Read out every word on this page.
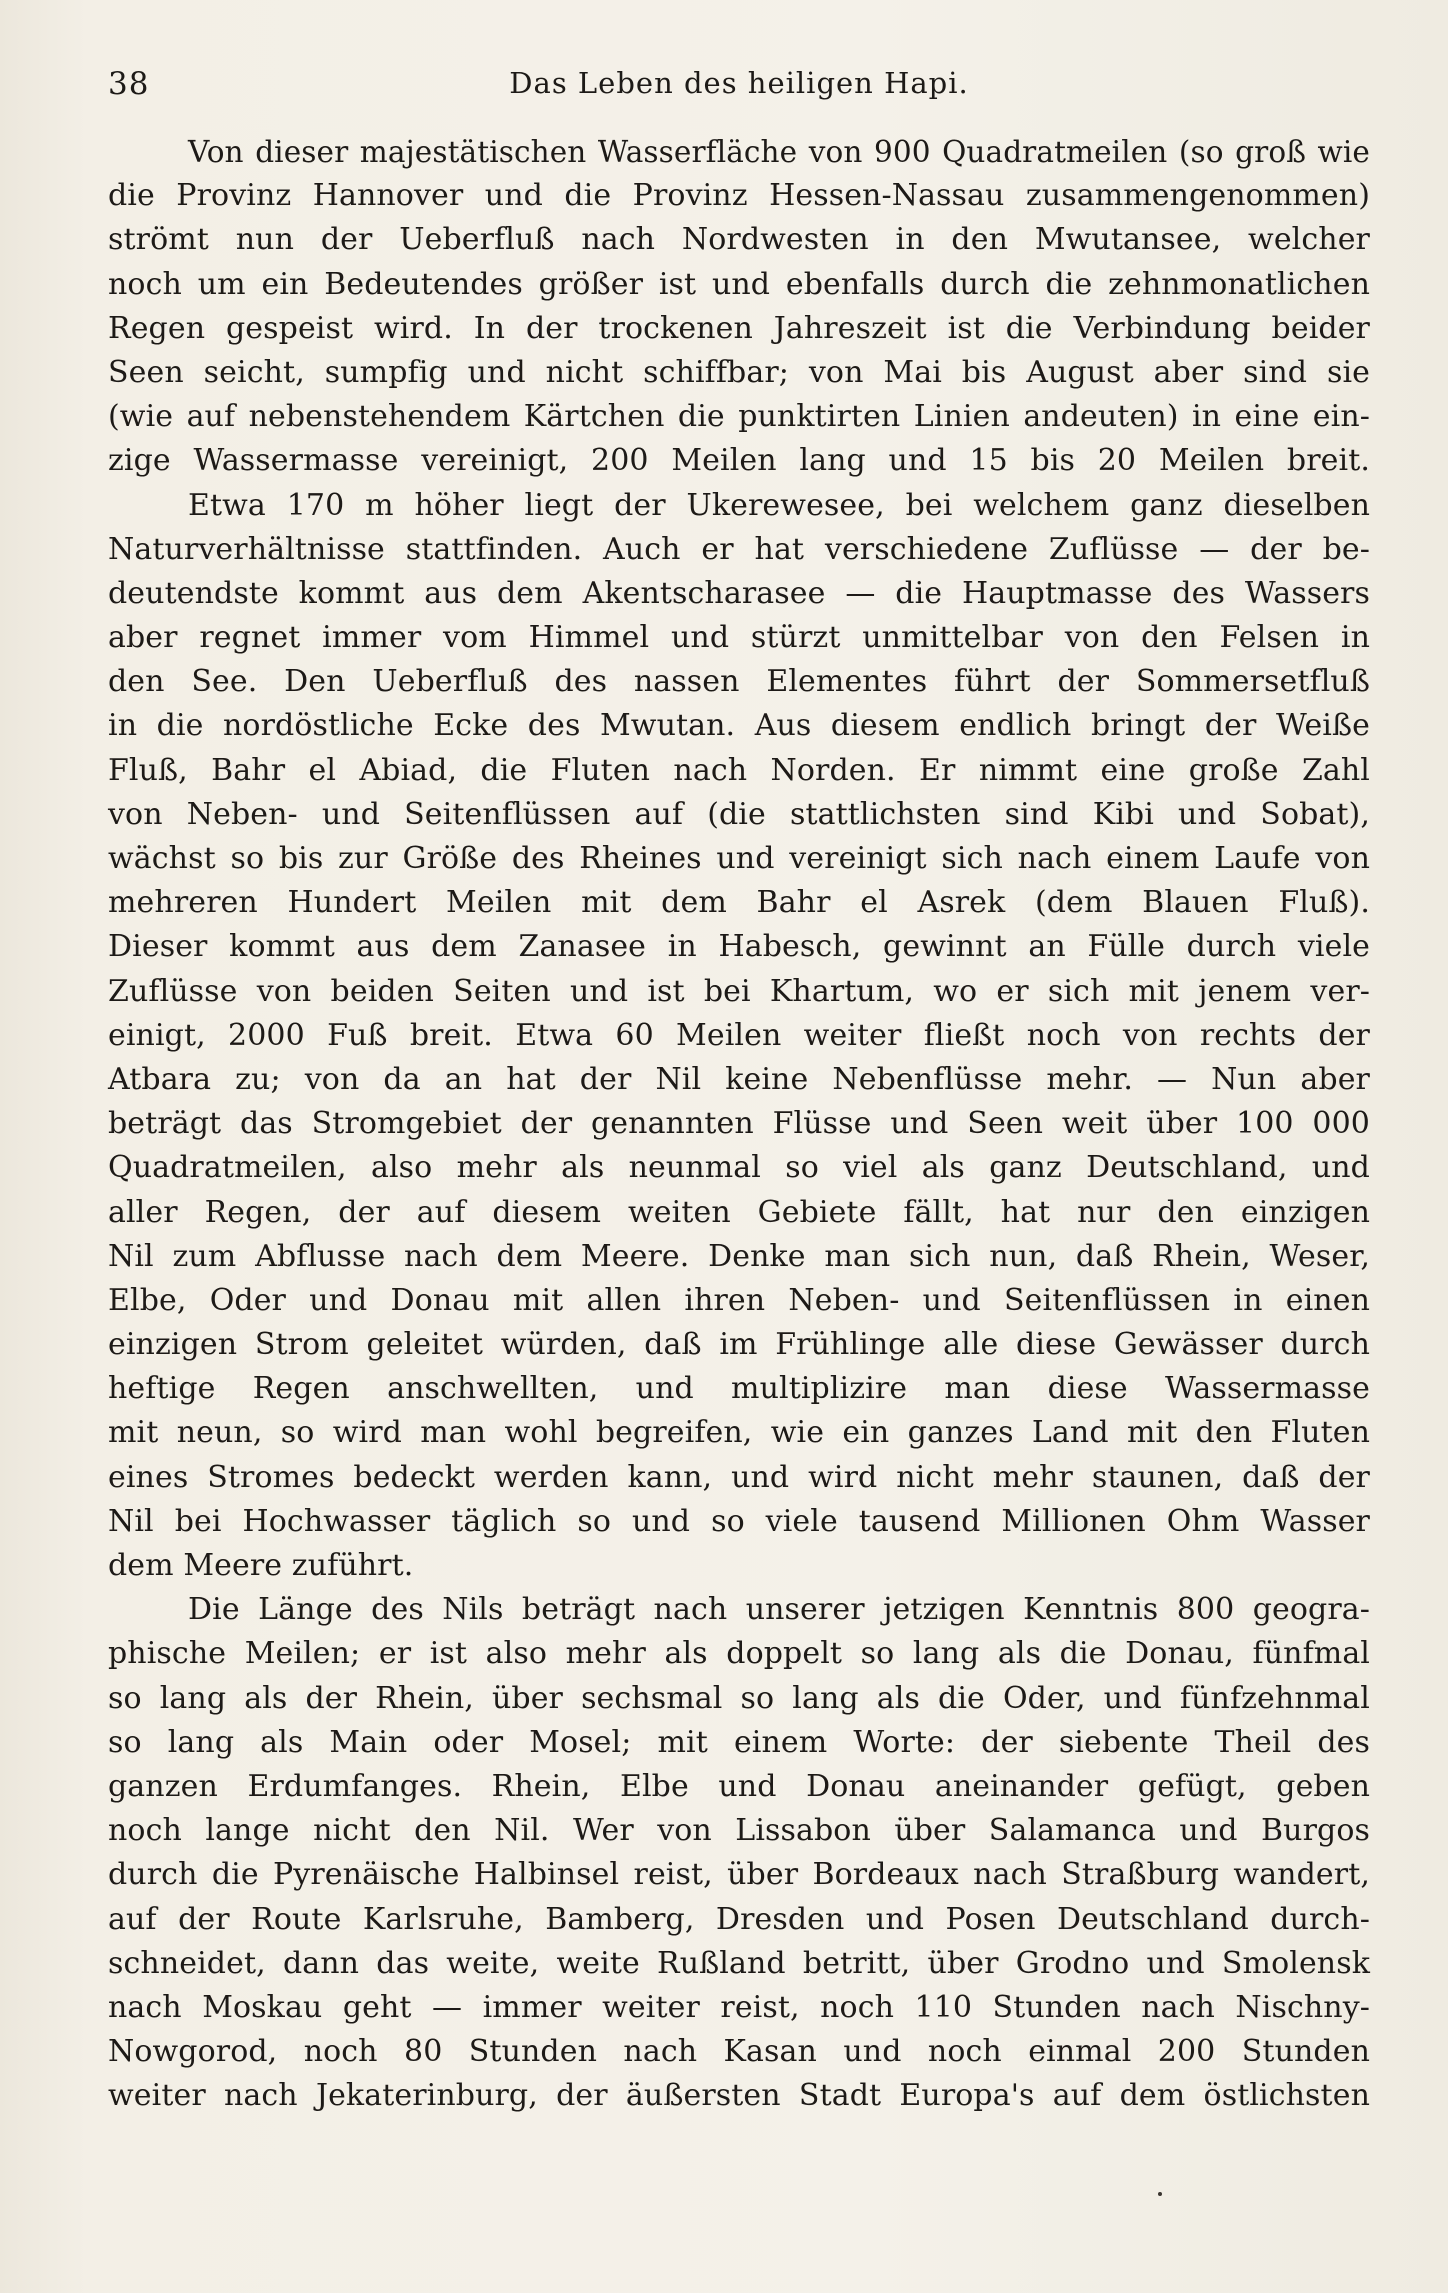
38	Das Leben des heiligen Hapi.
Von dieser majestätischen Wasserfläche von 900 Quadratmeilen (so groß wie
die Provinz Hannover und die Provinz Hessen-Nassau zusammengenommen)
strömt nun der Ueberfluß nach Nordwesten in den Mwutansee, welcher
noch um ein Bedeutendes größer ist und ebenfalls durch die zehnmonatlichen
Regen gespeist wird. In der trockenen Jahreszeit ist die Verbindung beider
Seen seicht, sumpfig und nicht schiffbar; von Mai bis August aber sind sie
(wie auf nebenstehendem Kärtchen die punktirten Linien andeuten) in eine ein-
zige Wassermasse vereinigt, 200 Meilen lang und 15 bis 20 Meilen breit.
Etwa 170 m höher liegt der Ukerewesee, bei welchem ganz dieselben
Naturverhältnisse stattfinden. Auch er hat verschiedene Zuflüsse — der be-
deutendste kommt aus dem Akentscharasee — die Hauptmasse des Wassers
aber regnet immer vom Himmel und stürzt unmittelbar von den Felsen in
den See. Den Ueberfluß des nassen Elementes führt der Sommersetfluß
in die nordöstliche Ecke des Mwutan. Aus diesem endlich bringt der Weiße
Fluß, Bahr el Abiad, die Fluten nach Norden. Er nimmt eine große Zahl
von Neben- und Seitenflüssen auf (die stattlichsten sind Kibi und Sobat),
wächst so bis zur Größe des Rheines und vereinigt sich nach einem Laufe von
mehreren Hundert Meilen mit dem Bahr el Asrek (dem Blauen Fluß).
Dieser kommt aus dem Zanasee in Habesch, gewinnt an Fülle durch viele
Zuflüsse von beiden Seiten und ist bei Khartum, wo er sich mit jenem ver-
einigt, 2000 Fuß breit. Etwa 60 Meilen weiter fließt noch von rechts der
Atbara zu; von da an hat der Nil keine Nebenflüsse mehr. — Nun aber
beträgt das Stromgebiet der genannten Flüsse und Seen weit über 100 000
Quadratmeilen, also mehr als neunmal so viel als ganz Deutschland, und
aller Regen, der auf diesem weiten Gebiete fällt, hat nur den einzigen
Nil zum Abflusse nach dem Meere. Denke man sich nun, daß Rhein, Weser,
Elbe, Oder und Donau mit allen ihren Neben- und Seitenflüssen in einen
einzigen Strom geleitet würden, daß im Frühlinge alle diese Gewässer durch
heftige Regen anschwellten, und multiplizire man diese Wassermasse
mit neun, so wird man wohl begreifen, wie ein ganzes Land mit den Fluten
eines Stromes bedeckt werden kann, und wird nicht mehr staunen, daß der
Nil bei Hochwasser täglich so und so viele tausend Millionen Ohm Wasser
dem Meere zuführt.
Die Länge des Nils beträgt nach unserer jetzigen Kenntnis 800 geogra-
phische Meilen; er ist also mehr als doppelt so lang als die Donau, fünfmal
so lang als der Rhein, über sechsmal so lang als die Oder, und fünfzehnmal
so lang als Main oder Mosel; mit einem Worte: der siebente Theil des
ganzen Erdumfanges. Rhein, Elbe und Donau aneinander gefügt, geben
noch lange nicht den Nil. Wer von Lissabon über Salamanca und Burgos
durch die Pyrenäische Halbinsel reist, über Bordeaux nach Straßburg wandert,
auf der Route Karlsruhe, Bamberg, Dresden und Posen Deutschland durch-
schneidet, dann das weite, weite Rußland betritt, über Grodno und Smolensk
nach Moskau geht — immer weiter reist, noch 110 Stunden nach Nischny-
Nowgorod, noch 80 Stunden nach Kasan und noch einmal 200 Stunden
weiter nach Jekaterinburg, der äußersten Stadt Europa's auf dem östlichsten
